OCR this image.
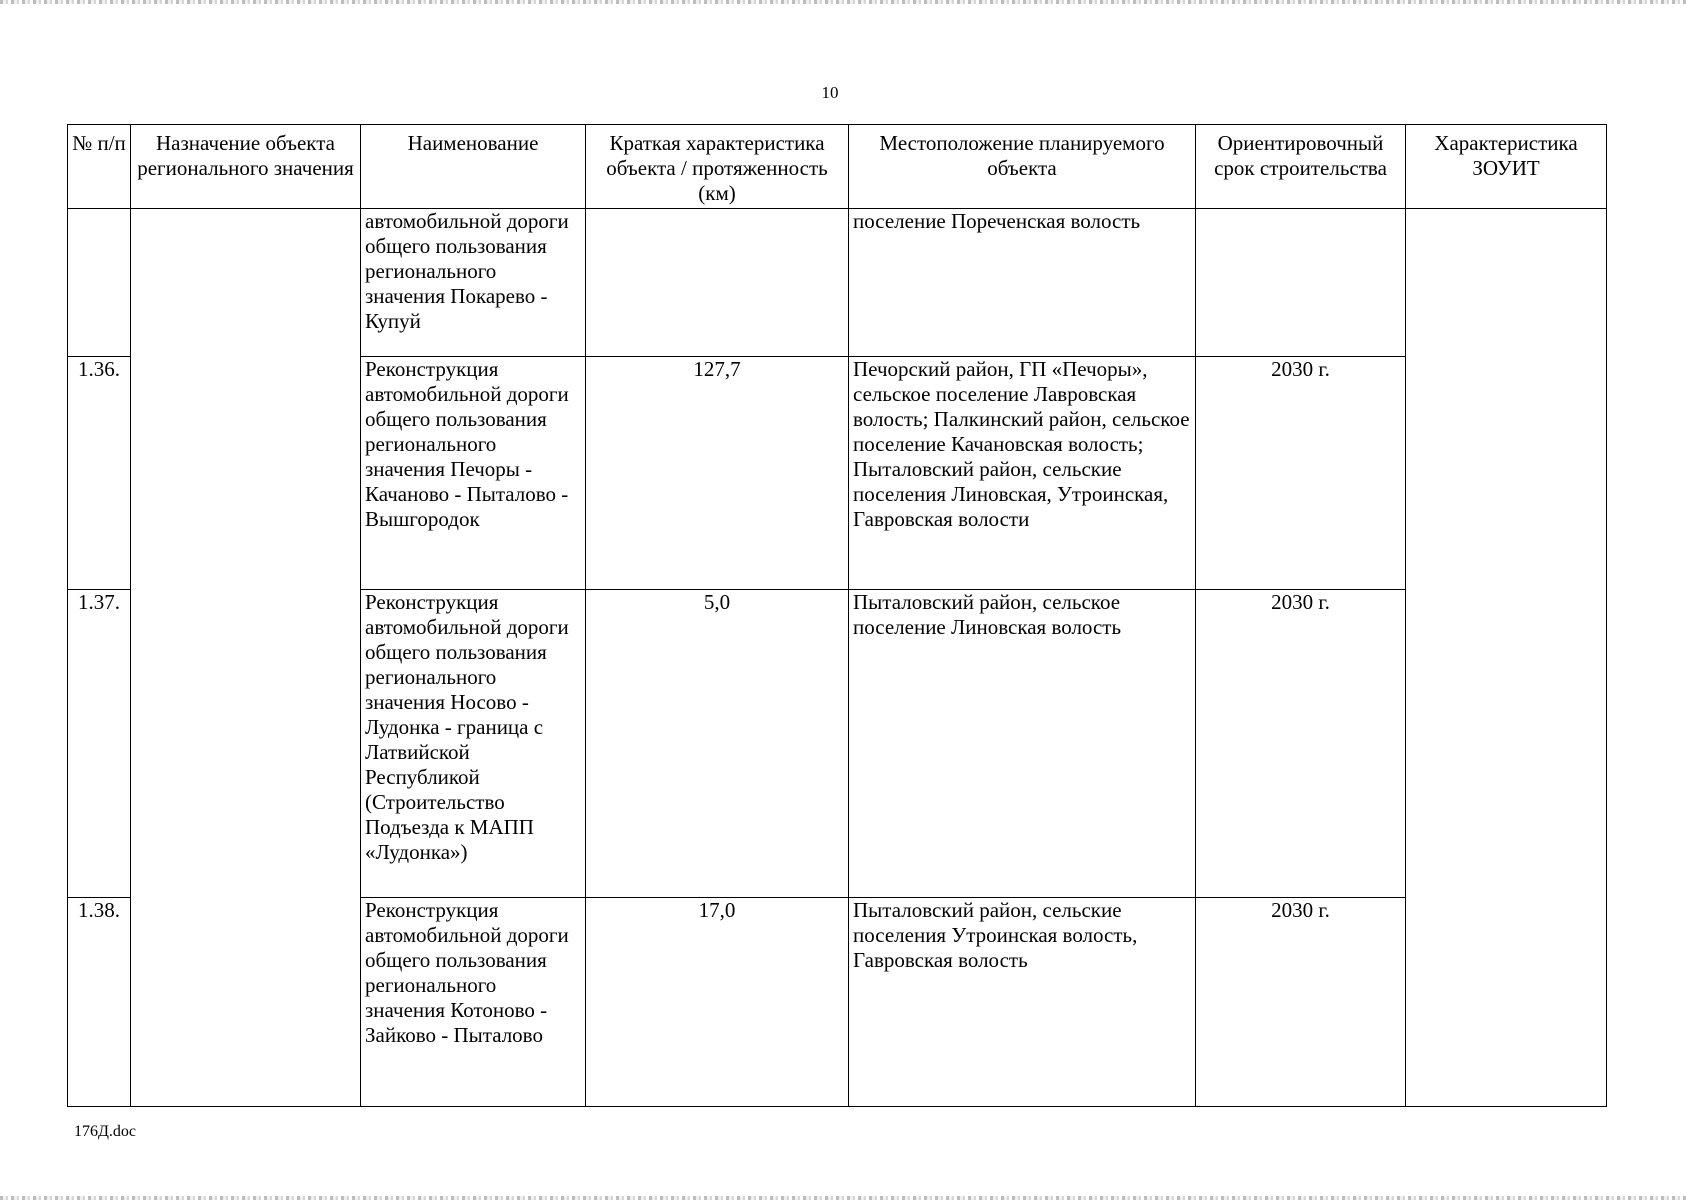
10
№ п/п	Назначение объекта регионального значения	Наименование	Краткая характеристика объекта / протяженность (км)	Местоположение планируемого объекта	Ориентировочный срок строительства	Характеристика ЗОУИТ
		автомобильной дороги общего пользования регионального значения Покарево - Купуй		поселение Пореченская волость		
1.36.		Реконструкция автомобильной дороги общего пользования регионального значения Печоры - Качаново - Пыталово - Вышгородок	127,7	Печорский район, ГП «Печоры», сельское поселение Лавровская волость; Палкинский район, сельское поселение Качановская волость; Пыталовский район, сельские поселения Линовская, Утроинская, Гавровская волости	2030 г.	
1.37.		Реконструкция автомобильной дороги общего пользования регионального значения Носово - Лудонка - граница с Латвийской Республикой (Строительство Подъезда к МАПП «Лудонка»)	5,0	Пыталовский район, сельское поселение Линовская волость	2030 г.	
1.38.		Реконструкция автомобильной дороги общего пользования регионального значения Котоново - Зайково - Пыталово	17,0	Пыталовский район, сельские поселения Утроинская волость, Гавровская волость	2030 г.	
176Д.doc
